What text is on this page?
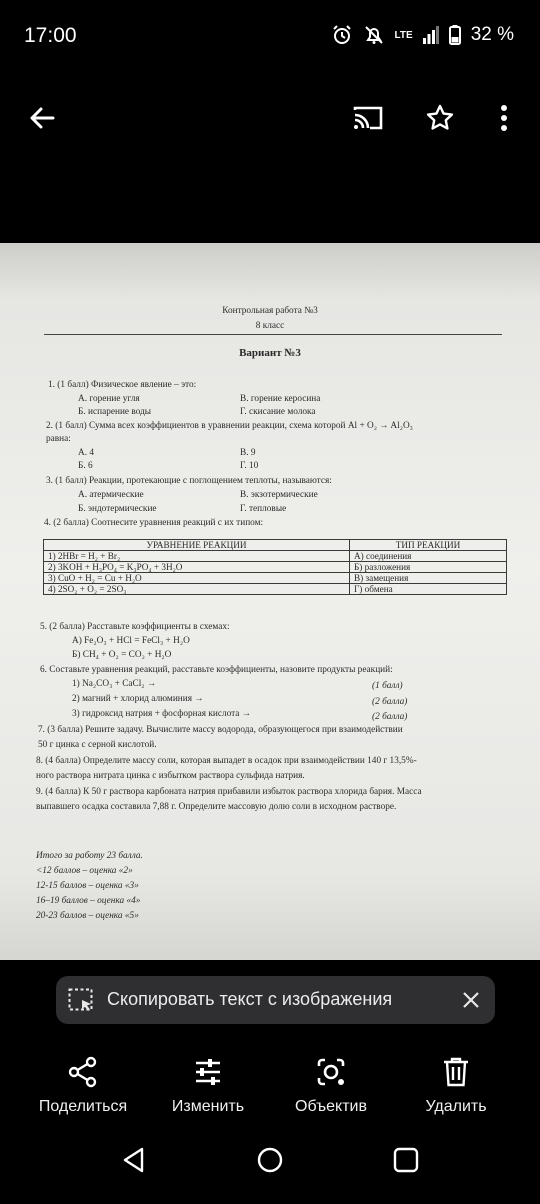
17:00	LTE	32 %
Контрольная работа №3
8 класс
Вариант №3
1. (1 балл) Физическое явление – это:
А. горение угля	В. горение керосина
Б. испарение воды	Г. скисание молока
2. (1 балл) Сумма всех коэффициентов в уравнении реакции, схема которой Al + O₂ → Al₂O₃
равна:
А. 4	В. 9
Б. 6	Г. 10
3. (1 балл) Реакции, протекающие с поглощением теплоты, называются:
А. атермические	В. экзотермические
Б. эндотермические	Г. тепловые
4. (2 балла) Соотнесите уравнения реакций с их типом:
УРАВНЕНИЕ РЕАКЦИИ	ТИП РЕАКЦИИ
1) 2HBr = H₂ + Br₂	А) соединения
2) 3KOH + H₃PO₄ = K₃PO₄ + 3H₂O	Б) разложения
3) CuO + H₂ = Cu + H₂O	В) замещения
4) 2SO₂ + O₂ = 2SO₃	Г) обмена
5. (2 балла) Расставьте коэффициенты в схемах:
А) Fe₂O₃ + HCl = FeCl₃ + H₂O
Б) CH₄ + O₂ = CO₂ + H₂O
6. Составьте уравнения реакций, расставьте коэффициенты, назовите продукты реакций:
1) Na₂CO₃ + CaCl₂ →	(1 балл)
2) магний + хлорид алюминия →	(2 балла)
3) гидроксид натрия + фосфорная кислота →	(2 балла)
7. (3 балла) Решите задачу. Вычислите массу водорода, образующегося при взаимодействии
50 г цинка с серной кислотой.
8. (4 балла) Определите массу соли, которая выпадет в осадок при взаимодействии 140 г 13,5%-
ного раствора нитрата цинка с избытком раствора сульфида натрия.
9. (4 балла) К 50 г раствора карбоната натрия прибавили избыток раствора хлорида бария. Масса
выпавшего осадка составила 7,88 г. Определите массовую долю соли в исходном растворе.
Итого за работу 23 балла.
<12 баллов – оценка «2»
12-15 баллов – оценка «3»
16–19 баллов – оценка «4»
20-23 баллов – оценка «5»
Скопировать текст с изображения
Поделиться	Изменить	Объектив	Удалить
